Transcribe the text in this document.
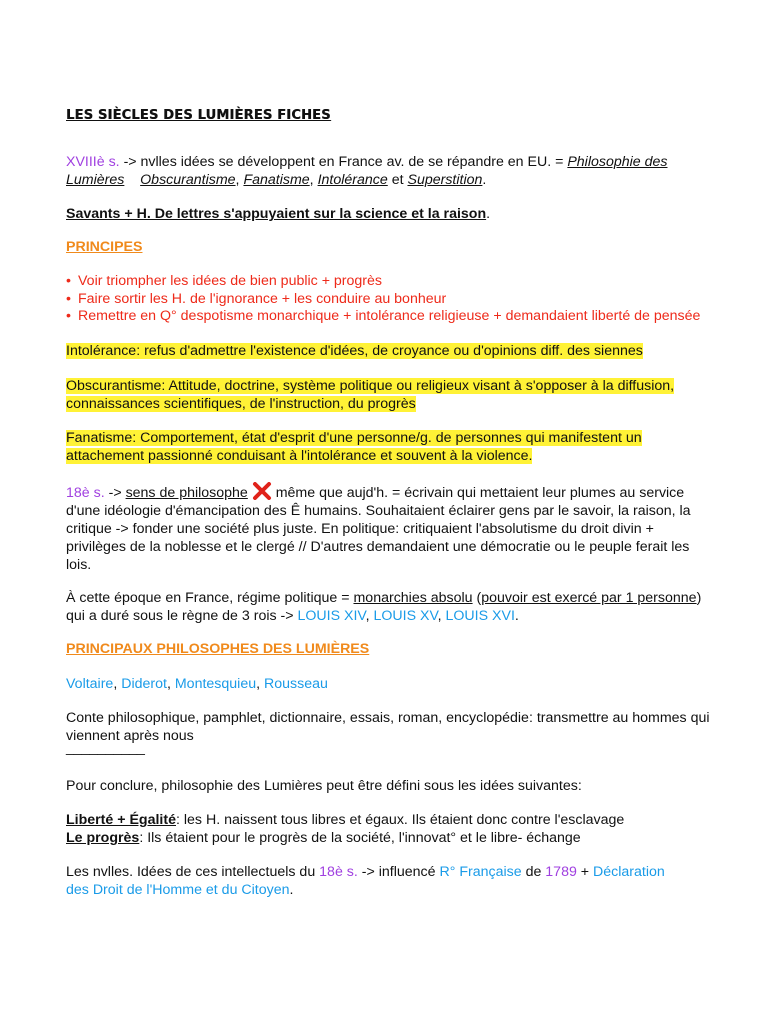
LES SIÈCLES DES LUMIÈRES FICHES
XVIIIè s. -> nvlles idées se développent en France av. de se répandre en EU. = Philosophie des
Lumières Obscurantisme, Fanatisme, Intolérance et Superstition.
Savants + H. De lettres s'appuyaient sur la science et la raison.
PRINCIPES
• Voir triompher les idées de bien public + progrès
• Faire sortir les H. de l'ignorance + les conduire au bonheur
• Remettre en Q° despotisme monarchique + intolérance religieuse + demandaient liberté de pensée
Intolérance: refus d'admettre l'existence d'idées, de croyance ou d'opinions diff. des siennes
Obscurantisme: Attitude, doctrine, système politique ou religieux visant à s'opposer à la diffusion,
connaissances scientifiques, de l'instruction, du progrès
Fanatisme: Comportement, état d'esprit d'une personne/g. de personnes qui manifestent un
attachement passionné conduisant à l'intolérance et souvent à la violence.
18è s. -> sens de philosophe  même que aujd'h. = écrivain qui mettaient leur plumes au service
d'une idéologie d'émancipation des Ê humains. Souhaitaient éclairer gens par le savoir, la raison, la
critique -> fonder une société plus juste. En politique: critiquaient l'absolutisme du droit divin +
privilèges de la noblesse et le clergé // D'autres demandaient une démocratie ou le peuple ferait les
lois.
À cette époque en France, régime politique = monarchies absolu (pouvoir est exercé par 1 personne)
qui a duré sous le règne de 3 rois -> LOUIS XIV, LOUIS XV, LOUIS XVI.
PRINCIPAUX PHILOSOPHES DES LUMIÈRES
Voltaire, Diderot, Montesquieu, Rousseau
Conte philosophique, pamphlet, dictionnaire, essais, roman, encyclopédie: transmettre au hommes qui
viennent après nous
__________
Pour conclure, philosophie des Lumières peut être défini sous les idées suivantes:
Liberté + Égalité: les H. naissent tous libres et égaux. Ils étaient donc contre l'esclavage
Le progrès: Ils étaient pour le progrès de la société, l'innovat° et le libre- échange
Les nvlles. Idées de ces intellectuels du 18è s. -> influencé R° Française de 1789 + Déclaration
des Droit de l'Homme et du Citoyen.
